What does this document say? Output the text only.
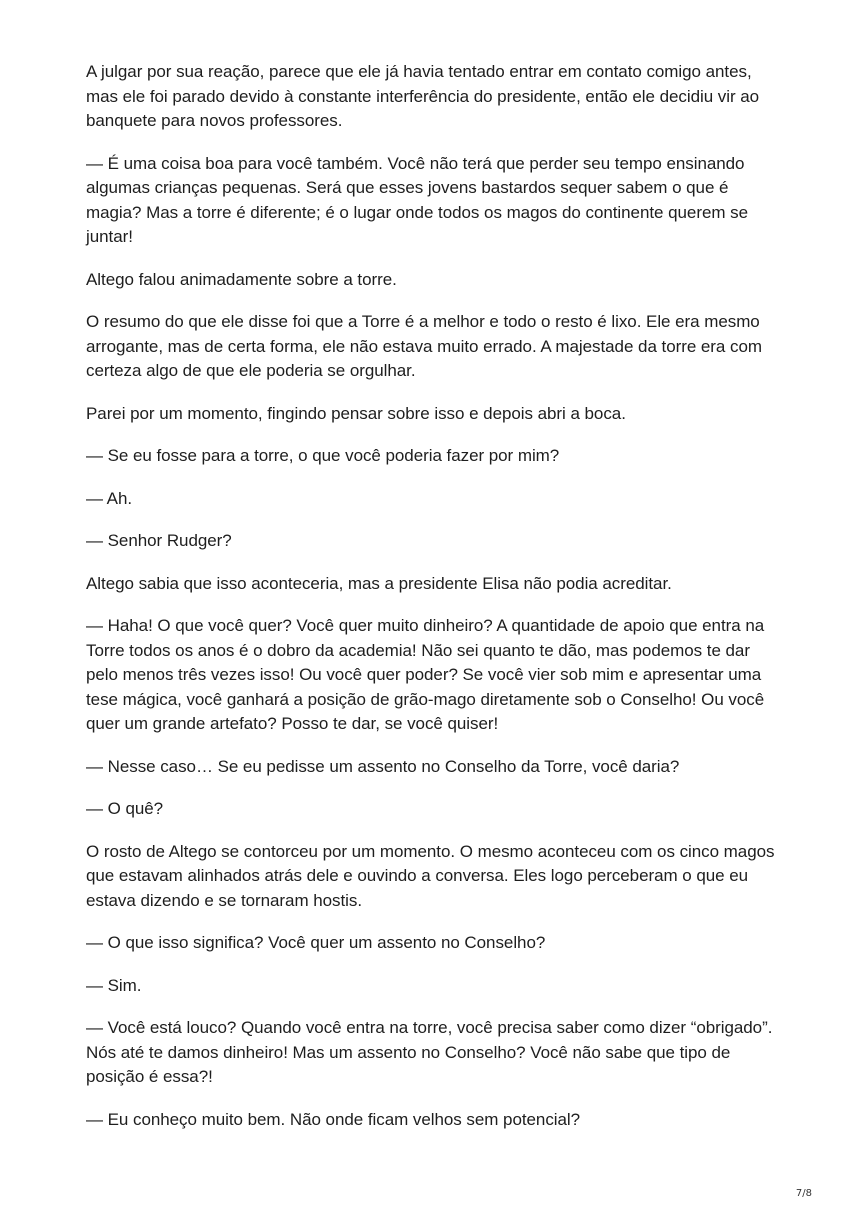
A julgar por sua reação, parece que ele já havia tentado entrar em contato comigo antes, mas ele foi parado devido à constante interferência do presidente, então ele decidiu vir ao banquete para novos professores.

— É uma coisa boa para você também. Você não terá que perder seu tempo ensinando algumas crianças pequenas. Será que esses jovens bastardos sequer sabem o que é magia? Mas a torre é diferente; é o lugar onde todos os magos do continente querem se juntar!

Altego falou animadamente sobre a torre.

O resumo do que ele disse foi que a Torre é a melhor e todo o resto é lixo. Ele era mesmo arrogante, mas de certa forma, ele não estava muito errado. A majestade da torre era com certeza algo de que ele poderia se orgulhar.

Parei por um momento, fingindo pensar sobre isso e depois abri a boca.

— Se eu fosse para a torre, o que você poderia fazer por mim?

— Ah.

— Senhor Rudger?

Altego sabia que isso aconteceria, mas a presidente Elisa não podia acreditar.

— Haha! O que você quer? Você quer muito dinheiro? A quantidade de apoio que entra na Torre todos os anos é o dobro da academia! Não sei quanto te dão, mas podemos te dar pelo menos três vezes isso! Ou você quer poder? Se você vier sob mim e apresentar uma tese mágica, você ganhará a posição de grão-mago diretamente sob o Conselho! Ou você quer um grande artefato? Posso te dar, se você quiser!

— Nesse caso… Se eu pedisse um assento no Conselho da Torre, você daria?

— O quê?

O rosto de Altego se contorceu por um momento. O mesmo aconteceu com os cinco magos que estavam alinhados atrás dele e ouvindo a conversa. Eles logo perceberam o que eu estava dizendo e se tornaram hostis.

— O que isso significa? Você quer um assento no Conselho?

— Sim.

— Você está louco? Quando você entra na torre, você precisa saber como dizer “obrigado”. Nós até te damos dinheiro! Mas um assento no Conselho? Você não sabe que tipo de posição é essa?!

— Eu conheço muito bem. Não onde ficam velhos sem potencial?

7/8
